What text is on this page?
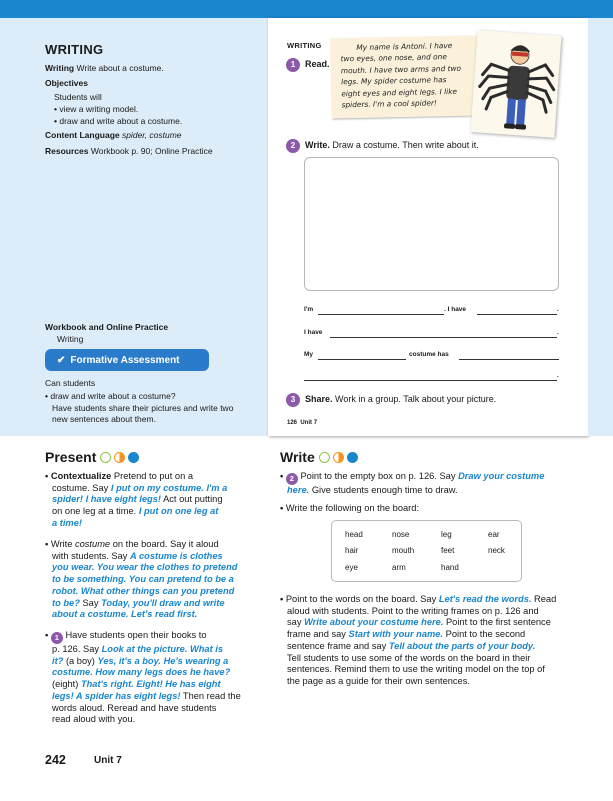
WRITING
Writing Write about a costume.
Objectives
Students will
• view a writing model.
• draw and write about a costume.
Content Language spider, costume
Resources Workbook p. 90; Online Practice
Workbook and Online Practice
Writing
✔ Formative Assessment
Can students
• draw and write about a costume?
Have students share their pictures and write two
new sentences about them.
WRITING
1	Read.
My name is Antoni. I have
two eyes, one nose, and one
mouth. I have two arms and two
legs. My spider costume has
eight eyes and eight legs. I like
spiders. I'm a cool spider!
2	Write. Draw a costume. Then write about it.
I'm	. I have	.
I have	.
My	costume has
.
3	Share. Work in a group. Talk about your picture.
126 Unit 7
Present
• Contextualize Pretend to put on a
costume. Say I put on my costume. I'm a
spider! I have eight legs! Act out putting
on one leg at a time. I put on one leg at
a time!
• Write costume on the board. Say it aloud
with students. Say A costume is clothes
you wear. You wear the clothes to pretend
to be something. You can pretend to be a
robot. What other things can you pretend
to be? Say Today, you'll draw and write
about a costume. Let's read first.
• 1 Have students open their books to
p. 126. Say Look at the picture. What is
it? (a boy) Yes, it's a boy. He's wearing a
costume. How many legs does he have?
(eight) That's right. Eight! He has eight
legs! A spider has eight legs! Then read the
words aloud. Reread and have students
read aloud with you.
Write
• 2 Point to the empty box on p. 126. Say Draw your costume
here. Give students enough time to draw.
• Write the following on the board:
head	nose	leg	ear
hair	mouth	feet	neck
eye	arm	hand
• Point to the words on the board. Say Let's read the words. Read
aloud with students. Point to the writing frames on p. 126 and
say Write about your costume here. Point to the first sentence
frame and say Start with your name. Point to the second
sentence frame and say Tell about the parts of your body.
Tell students to use some of the words on the board in their
sentences. Remind them to use the writing model on the top of
the page as a guide for their own sentences.
242	Unit 7
